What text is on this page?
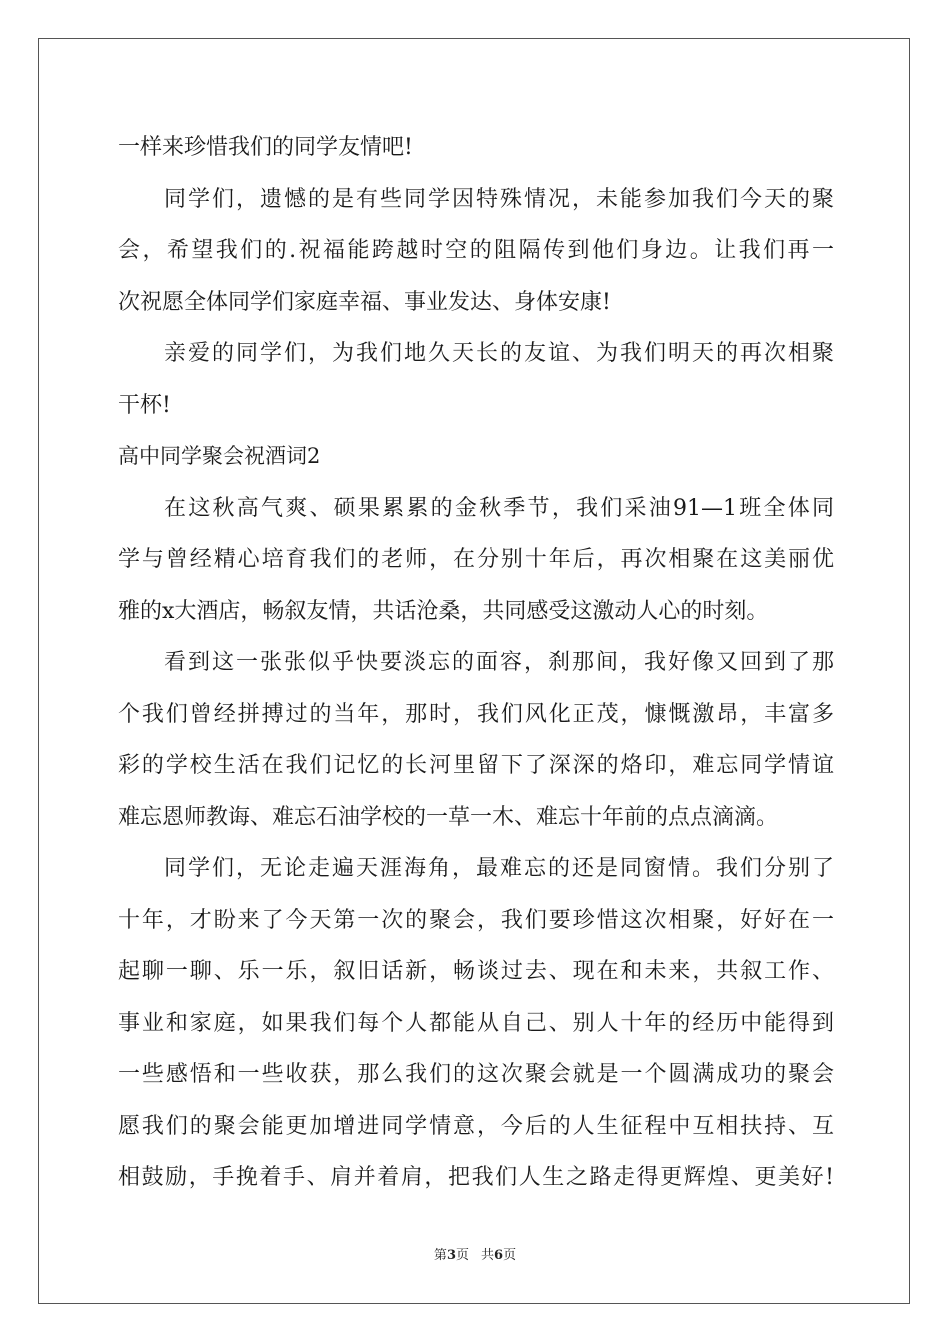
一样来珍惜我们的同学友情吧!
同学们，遗憾的是有些同学因特殊情况，未能参加我们今天的聚
会，希望我们的.祝福能跨越时空的阻隔传到他们身边。让我们再一
次祝愿全体同学们家庭幸福、事业发达、身体安康!
亲爱的同学们，为我们地久天长的友谊、为我们明天的再次相聚
干杯!
高中同学聚会祝酒词2
在这秋高气爽、硕果累累的金秋季节，我们采油91—1班全体同
学与曾经精心培育我们的老师，在分别十年后，再次相聚在这美丽优
雅的x大酒店，畅叙友情，共话沧桑，共同感受这激动人心的时刻。
看到这一张张似乎快要淡忘的面容，刹那间，我好像又回到了那
个我们曾经拼搏过的当年，那时，我们风化正茂，慷慨激昂，丰富多
彩的学校生活在我们记忆的长河里留下了深深的烙印，难忘同学情谊
难忘恩师教诲、难忘石油学校的一草一木、难忘十年前的点点滴滴。
同学们，无论走遍天涯海角，最难忘的还是同窗情。我们分别了
十年，才盼来了今天第一次的聚会，我们要珍惜这次相聚，好好在一
起聊一聊、乐一乐，叙旧话新，畅谈过去、现在和未来，共叙工作、
事业和家庭，如果我们每个人都能从自己、别人十年的经历中能得到
一些感悟和一些收获，那么我们的这次聚会就是一个圆满成功的聚会
愿我们的聚会能更加增进同学情意，今后的人生征程中互相扶持、互
相鼓励，手挽着手、肩并着肩，把我们人生之路走得更辉煌、更美好!
第3页 共6页
